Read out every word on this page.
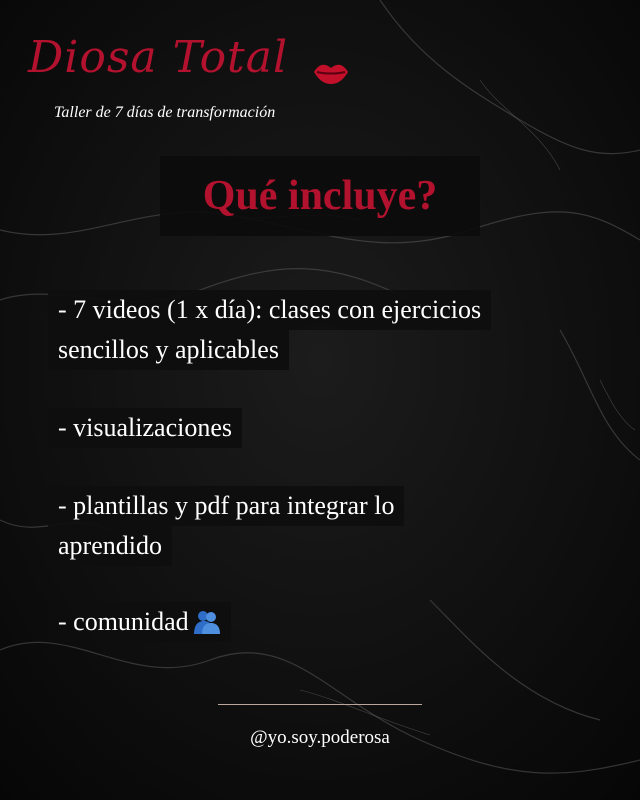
Diosa Total
Taller de 7 días de transformación
Qué incluye?
- 7 videos (1 x día): clases con ejercicios
sencillos y aplicables
- visualizaciones
- plantillas y pdf para integrar lo
aprendido
- comunidad
@yo.soy.poderosa
